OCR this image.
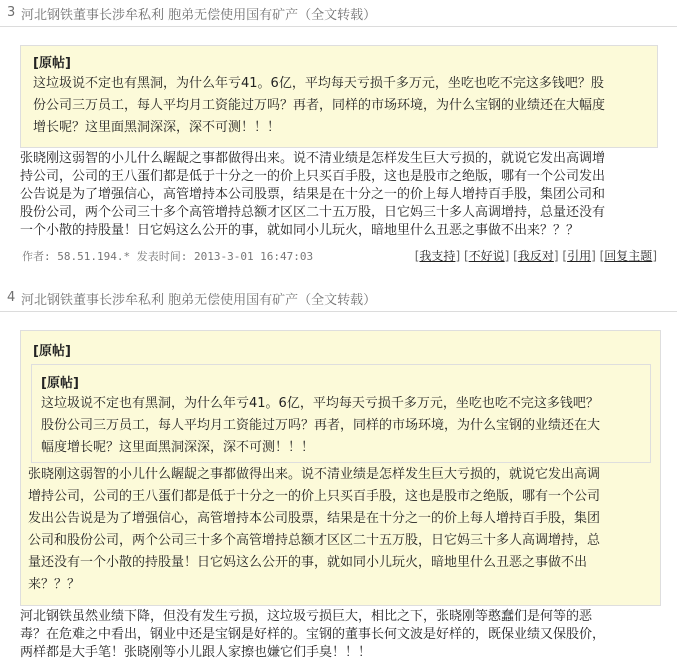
3 河北钢铁董事长涉牟私利 胞弟无偿使用国有矿产（全文转载）
[原帖]
这垃圾说不定也有黑洞，为什么年亏41。6亿，平均每天亏损千多万元，坐吃也吃不完这多钱吧？股
份公司三万员工，每人平均月工资能过万吗？再者，同样的市场环境，为什么宝钢的业绩还在大幅度
增长呢？这里面黑洞深深，深不可测！！！
张晓刚这弱智的小儿什么龌龊之事都做得出来。说不清业绩是怎样发生巨大亏损的，就说它发出高调增
持公司，公司的王八蛋们都是低于十分之一的价上只买百手股，这也是股市之绝版，哪有一个公司发出
公告说是为了增强信心，高管增持本公司股票，结果是在十分之一的价上每人增持百手股，集团公司和
股份公司，两个公司三十多个高管增持总额才区区二十五万股，日它妈三十多人高调增持，总量还没有
一个小散的持股量！日它妈这么公开的事，就如同小儿玩火，暗地里什么丑恶之事做不出来？？？
作者: 58.51.194.* 发表时间: 2013-3-01 16:47:03	[我支持] [不好说] [我反对] [引用] [回复主题]
4 河北钢铁董事长涉牟私利 胞弟无偿使用国有矿产（全文转载）
[原帖]
[原帖]
这垃圾说不定也有黑洞，为什么年亏41。6亿，平均每天亏损千多万元，坐吃也吃不完这多钱吧？
股份公司三万员工，每人平均月工资能过万吗？再者，同样的市场环境，为什么宝钢的业绩还在大
幅度增长呢？这里面黑洞深深，深不可测！！！
张晓刚这弱智的小儿什么龌龊之事都做得出来。说不清业绩是怎样发生巨大亏损的，就说它发出高调
增持公司，公司的王八蛋们都是低于十分之一的价上只买百手股，这也是股市之绝版，哪有一个公司
发出公告说是为了增强信心，高管增持本公司股票，结果是在十分之一的价上每人增持百手股，集团
公司和股份公司，两个公司三十多个高管增持总额才区区二十五万股，日它妈三十多人高调增持，总
量还没有一个小散的持股量！日它妈这么公开的事，就如同小儿玩火，暗地里什么丑恶之事做不出
来？？？
河北钢铁虽然业绩下降，但没有发生亏损，这垃圾亏损巨大，相比之下，张晓刚等憨蠢们是何等的恶
毒？在危难之中看出，钢业中还是宝钢是好样的。宝钢的董事长何文波是好样的，既保业绩又保股价，
两样都是大手笔！张晓刚等小儿跟人家擦也嫌它们手臭！！！
